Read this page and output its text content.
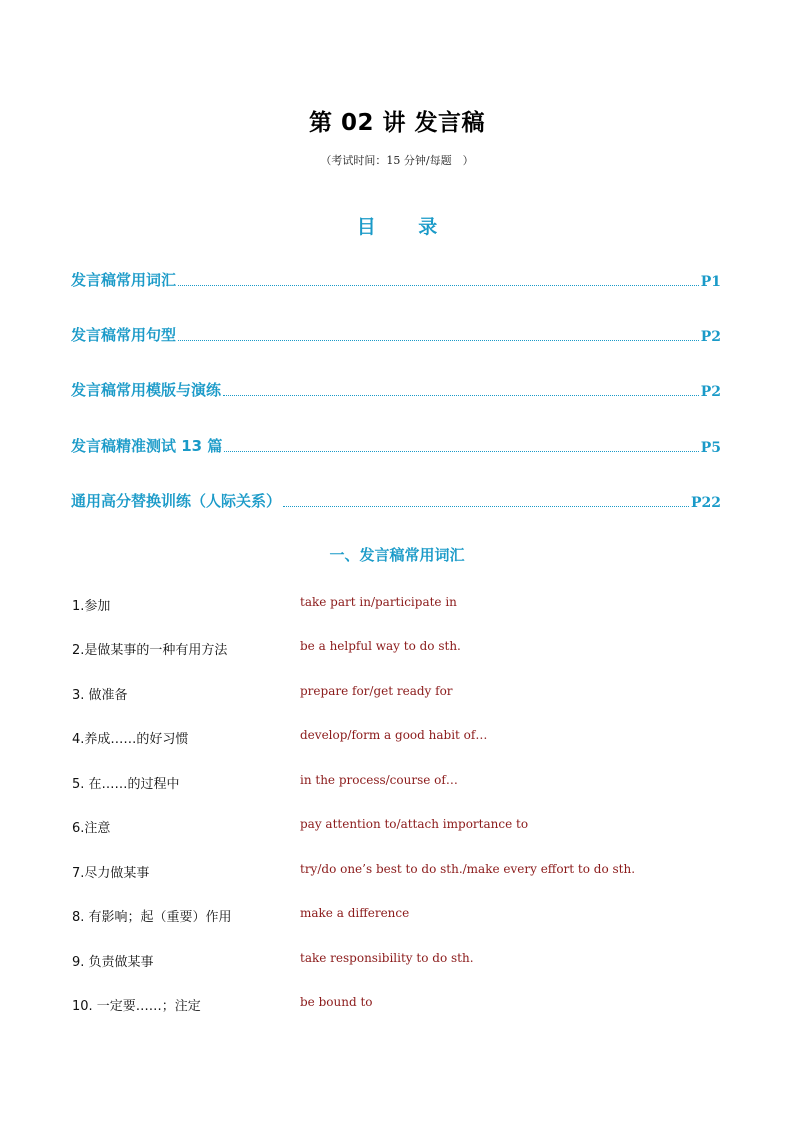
第 02 讲 发言稿
（考试时间：15 分钟/每题　）
目 录
发言稿常用词汇	P1
发言稿常用句型	P2
发言稿常用模版与演练	P2
发言稿精准测试 13 篇	P5
通用高分替换训练（人际关系）	P22
一、发言稿常用词汇
1.参加	take part in/participate in
2.是做某事的一种有用方法	be a helpful way to do sth.
3. 做准备	prepare for/get ready for
4.养成……的好习惯	develop/form a good habit of…
5. 在……的过程中	in the process/course of…
6.注意	pay attention to/attach importance to
7.尽力做某事	try/do one’s best to do sth./make every effort to do sth.
8. 有影响；起（重要）作用	make a difference
9. 负责做某事	take responsibility to do sth.
10. 一定要……；注定	be bound to
